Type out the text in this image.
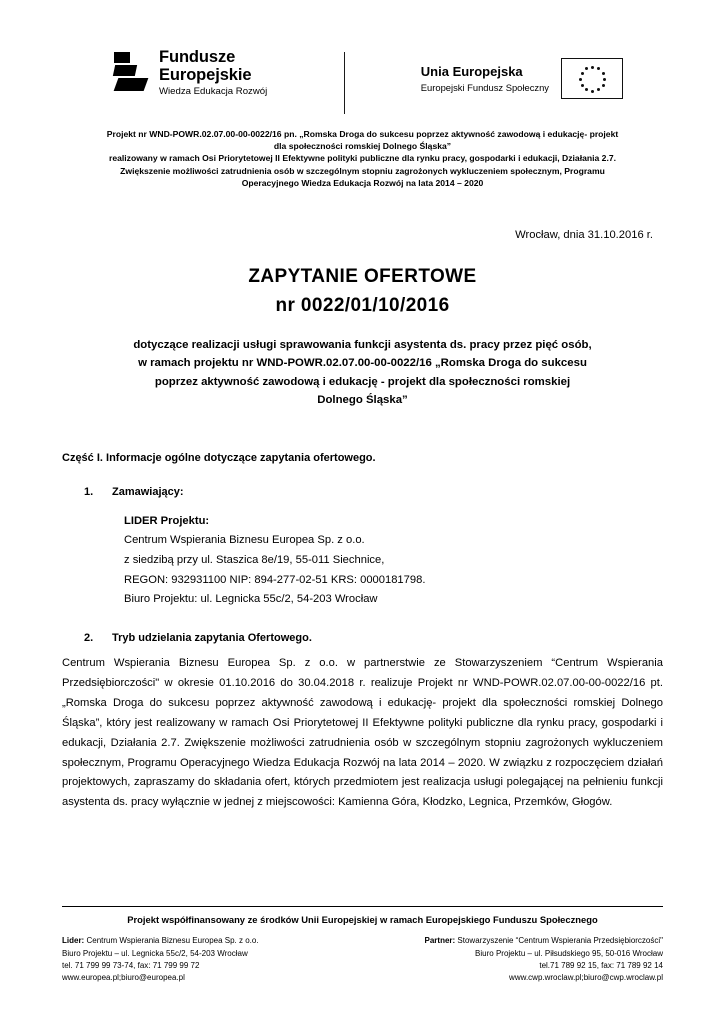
Fundusze
Europejskie
Wiedza Edukacja Rozwój
Unia Europejska
Europejski Fundusz Społeczny
Projekt nr WND-POWR.02.07.00-00-0022/16 pn. „Romska Droga do sukcesu poprzez aktywność zawodową i edukację- projekt
dla społeczności romskiej Dolnego Śląska”
realizowany w ramach Osi Priorytetowej II Efektywne polityki publiczne dla rynku pracy, gospodarki i edukacji, Działania 2.7.
Zwiększenie możliwości zatrudnienia osób w szczególnym stopniu zagrożonych wykluczeniem społecznym, Programu
Operacyjnego Wiedza Edukacja Rozwój na lata 2014 – 2020
Wrocław, dnia 31.10.2016 r.
ZAPYTANIE OFERTOWE
nr 0022/01/10/2016
dotyczące realizacji usługi sprawowania funkcji asystenta ds. pracy przez pięć osób,
w ramach projektu nr WND-POWR.02.07.00-00-0022/16 „Romska Droga do sukcesu
poprzez aktywność zawodową i edukację - projekt dla społeczności romskiej
Dolnego Śląska”
Część I. Informacje ogólne dotyczące zapytania ofertowego.
1.	Zamawiający:
LIDER Projektu:
Centrum Wspierania Biznesu Europea Sp. z o.o.
z siedzibą przy ul. Staszica 8e/19, 55-011 Siechnice,
REGON: 932931100 NIP: 894-277-02-51 KRS: 0000181798.
Biuro Projektu: ul. Legnicka 55c/2, 54-203 Wrocław
2.	Tryb udzielania zapytania Ofertowego.
Centrum Wspierania Biznesu Europea Sp. z o.o. w partnerstwie ze Stowarzyszeniem “Centrum Wspierania Przedsiębiorczości" w okresie 01.10.2016 do 30.04.2018 r. realizuje Projekt nr WND-POWR.02.07.00-00-0022/16 pt. „Romska Droga do sukcesu poprzez aktywność zawodową i edukację- projekt dla społeczności romskiej Dolnego Śląska”, który jest realizowany w ramach Osi Priorytetowej II Efektywne polityki publiczne dla rynku pracy, gospodarki i edukacji, Działania 2.7. Zwiększenie możliwości zatrudnienia osób w szczególnym stopniu zagrożonych wykluczeniem społecznym, Programu Operacyjnego Wiedza Edukacja Rozwój na lata 2014 – 2020. W związku z rozpoczęciem działań projektowych, zapraszamy do składania ofert, których przedmiotem jest realizacja usługi polegającej na pełnieniu funkcji asystenta ds. pracy wyłącznie w jednej z miejscowości: Kamienna Góra, Kłodzko, Legnica, Przemków, Głogów.
Projekt współfinansowany ze środków Unii Europejskiej w ramach Europejskiego Funduszu Społecznego
Lider: Centrum Wspierania Biznesu Europea Sp. z o.o.
Biuro Projektu – ul. Legnicka 55c/2, 54-203 Wrocław
tel. 71 799 99 73-74, fax: 71 799 99 72
www.europea.pl;biuro@europea.pl
Partner: Stowarzyszenie “Centrum Wspierania Przedsiębiorczości"
Biuro Projektu – ul. Piłsudskiego 95, 50-016 Wrocław
tel.71 789 92 15, fax: 71 789 92 14
www.cwp.wroclaw.pl;biuro@cwp.wroclaw.pl
